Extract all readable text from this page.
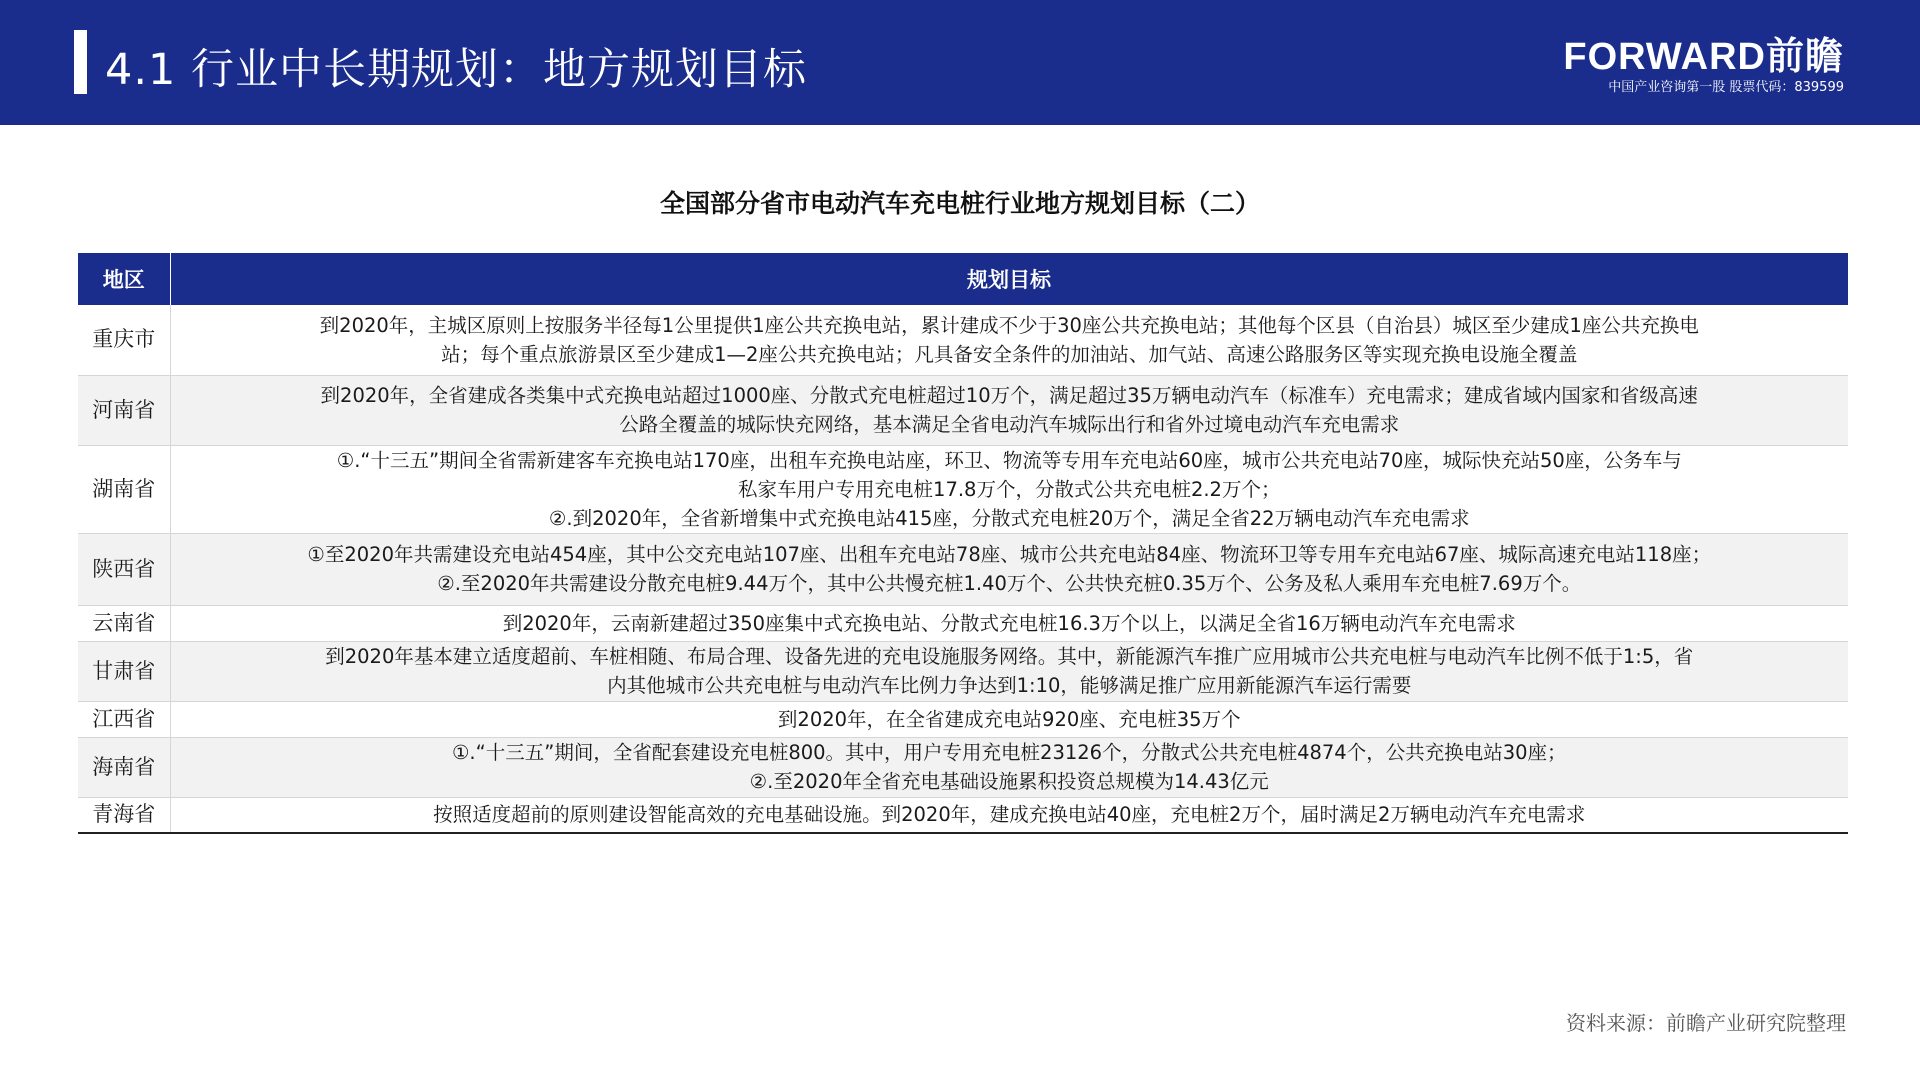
4.1 行业中长期规划：地方规划目标	FORWARD前瞻
中国产业咨询第一股 股票代码：839599
全国部分省市电动汽车充电桩行业地方规划目标（二）
地区	规划目标
重庆市	到2020年，主城区原则上按服务半径每1公里提供1座公共充换电站，累计建成不少于30座公共充换电站；其他每个区县（自治县）城区至少建成1座公共充换电
站；每个重点旅游景区至少建成1—2座公共充换电站；凡具备安全条件的加油站、加气站、高速公路服务区等实现充换电设施全覆盖

河南省	到2020年，全省建成各类集中式充换电站超过1000座、分散式充电桩超过10万个，满足超过35万辆电动汽车（标准车）充电需求；建成省域内国家和省级高速
公路全覆盖的城际快充网络，基本满足全省电动汽车城际出行和省外过境电动汽车充电需求

湖南省	①.“十三五”期间全省需新建客车充换电站170座，出租车充换电站座，环卫、物流等专用车充电站60座，城市公共充电站70座，城际快充站50座，公务车与
私家车用户专用充电桩17.8万个，分散式公共充电桩2.2万个；
②.到2020年，全省新增集中式充换电站415座，分散式充电桩20万个，满足全省22万辆电动汽车充电需求

陕西省	①至2020年共需建设充电站454座，其中公交充电站107座、出租车充电站78座、城市公共充电站84座、物流环卫等专用车充电站67座、城际高速充电站118座；
②.至2020年共需建设分散充电桩9.44万个，其中公共慢充桩1.40万个、公共快充桩0.35万个、公务及私人乘用车充电桩7.69万个。

云南省	到2020年，云南新建超过350座集中式充换电站、分散式充电桩16.3万个以上，以满足全省16万辆电动汽车充电需求

甘肃省	到2020年基本建立适度超前、车桩相随、布局合理、设备先进的充电设施服务网络。其中，新能源汽车推广应用城市公共充电桩与电动汽车比例不低于1:5，省
内其他城市公共充电桩与电动汽车比例力争达到1:10，能够满足推广应用新能源汽车运行需要

江西省	到2020年，在全省建成充电站920座、充电桩35万个

海南省	①.“十三五”期间，全省配套建设充电桩800。其中，用户专用充电桩23126个，分散式公共充电桩4874个，公共充换电站30座；
②.至2020年全省充电基础设施累积投资总规模为14.43亿元

青海省	按照适度超前的原则建设智能高效的充电基础设施。到2020年，建成充换电站40座，充电桩2万个，届时满足2万辆电动汽车充电需求
资料来源：前瞻产业研究院整理
